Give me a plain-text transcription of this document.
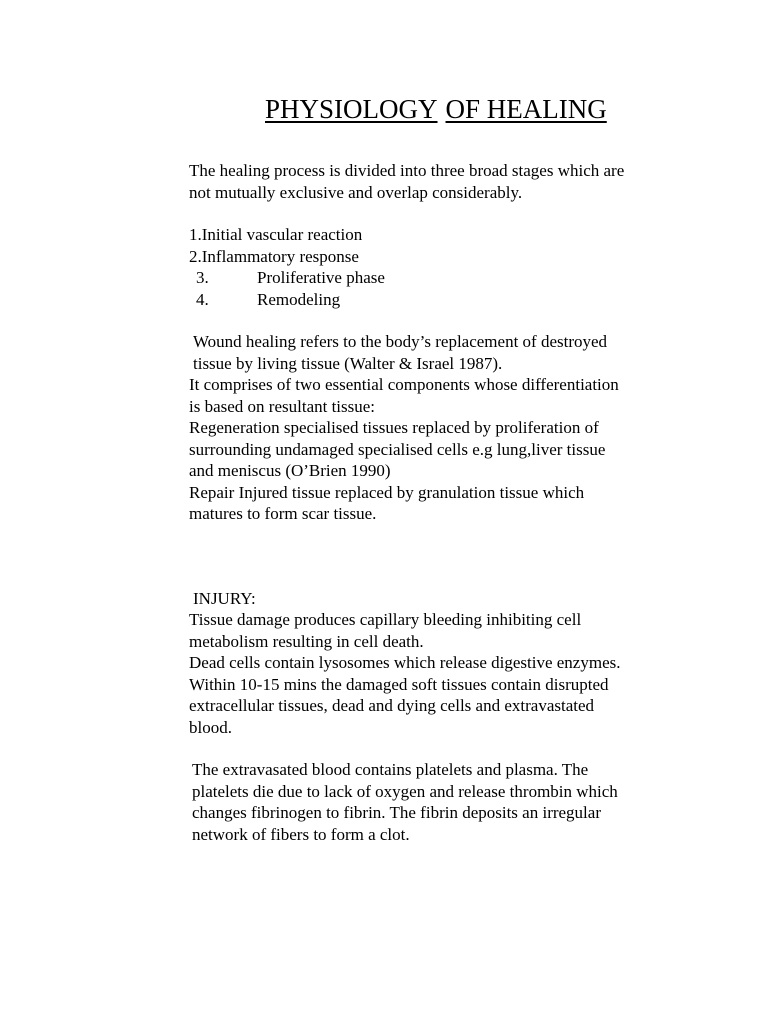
PHYSIOLOGY OF HEALING

The healing process is divided into three broad stages which are

not mutually exclusive and overlap considerably.

1.Initial vascular reaction

2.Inflammatory response

3.	Proliferative phase

4.	Remodeling

Wound healing refers to the body’s replacement of destroyed

tissue by living tissue (Walter & Israel 1987).

It comprises of two essential components whose differentiation

is based on resultant tissue:

Regeneration specialised tissues replaced by proliferation of

surrounding undamaged specialised cells e.g lung,liver tissue

and meniscus (O’Brien 1990)

Repair Injured tissue replaced by granulation tissue which

matures to form scar tissue.

INJURY:

Tissue damage produces capillary bleeding inhibiting cell

metabolism resulting in cell death.

Dead cells contain lysosomes which release digestive enzymes.

Within 10-15 mins the damaged soft tissues contain disrupted

extracellular tissues, dead and dying cells and extravastated

blood.

The extravasated blood contains platelets and plasma. The

platelets die due to lack of oxygen and release thrombin which

changes fibrinogen to fibrin. The fibrin deposits an irregular

network of fibers to form a clot.
